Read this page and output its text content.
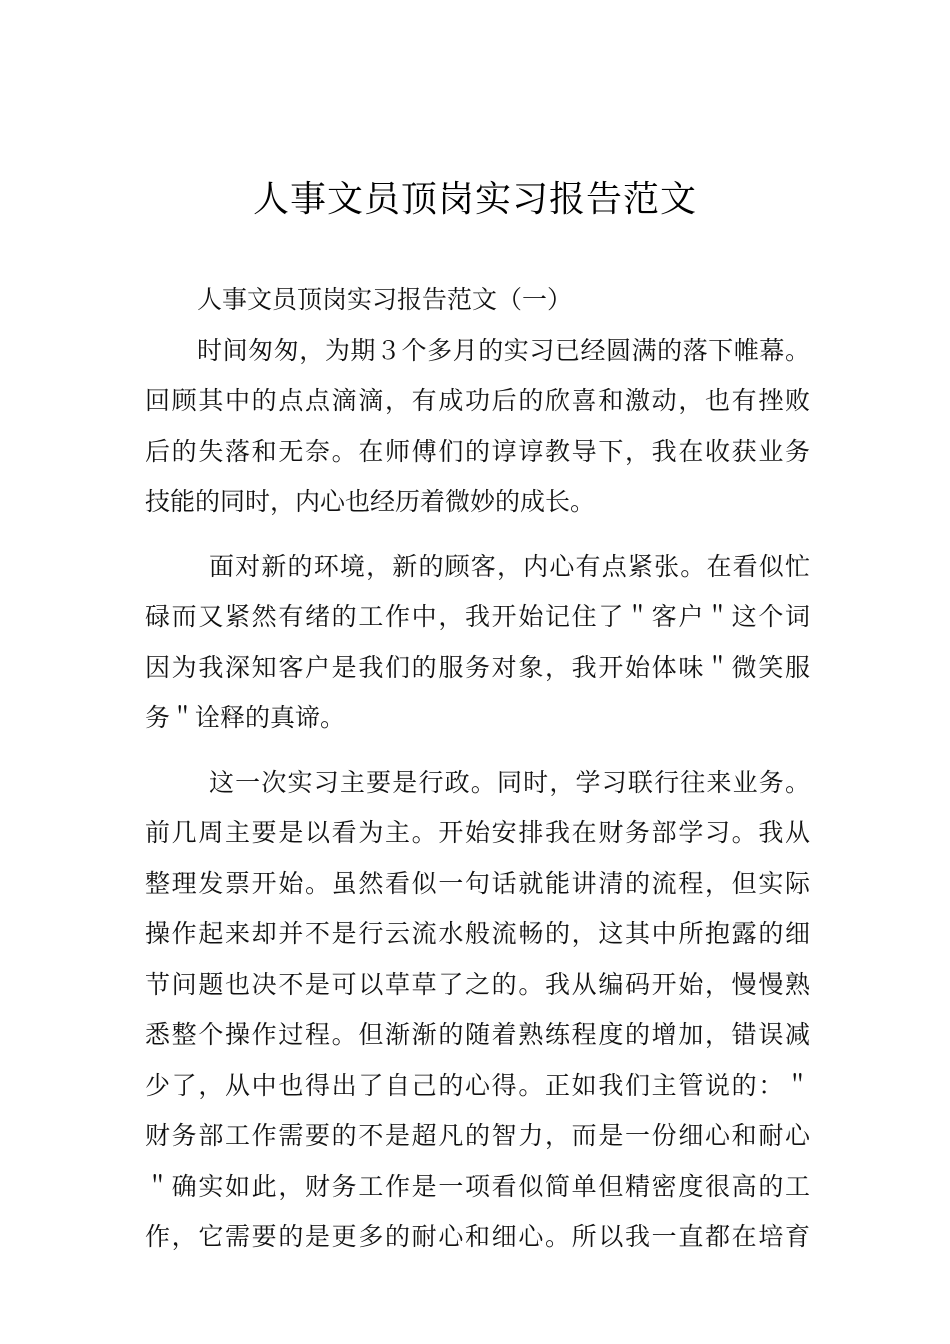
人事文员顶岗实习报告范文
人事文员顶岗实习报告范文（一）
时间匆匆，为期３个多月的实习已经圆满的落下帷幕。
回顾其中的点点滴滴，有成功后的欣喜和激动，也有挫败
后的失落和无奈。在师傅们的谆谆教导下，我在收获业务
技能的同时，内心也经历着微妙的成长。
面对新的环境，新的顾客，内心有点紧张。在看似忙
碌而又紧然有绪的工作中，我开始记住了＂客户＂这个词
因为我深知客户是我们的服务对象，我开始体味＂微笑服
务＂诠释的真谛。
这一次实习主要是行政。同时，学习联行往来业务。
前几周主要是以看为主。开始安排我在财务部学习。我从
整理发票开始。虽然看似一句话就能讲清的流程，但实际
操作起来却并不是行云流水般流畅的，这其中所抱露的细
节问题也决不是可以草草了之的。我从编码开始，慢慢熟
悉整个操作过程。但渐渐的随着熟练程度的增加，错误减
少了，从中也得出了自己的心得。正如我们主管说的：＂
财务部工作需要的不是超凡的智力，而是一份细心和耐心
＂确实如此，财务工作是一项看似简单但精密度很高的工
作，它需要的是更多的耐心和细心。所以我一直都在培育
